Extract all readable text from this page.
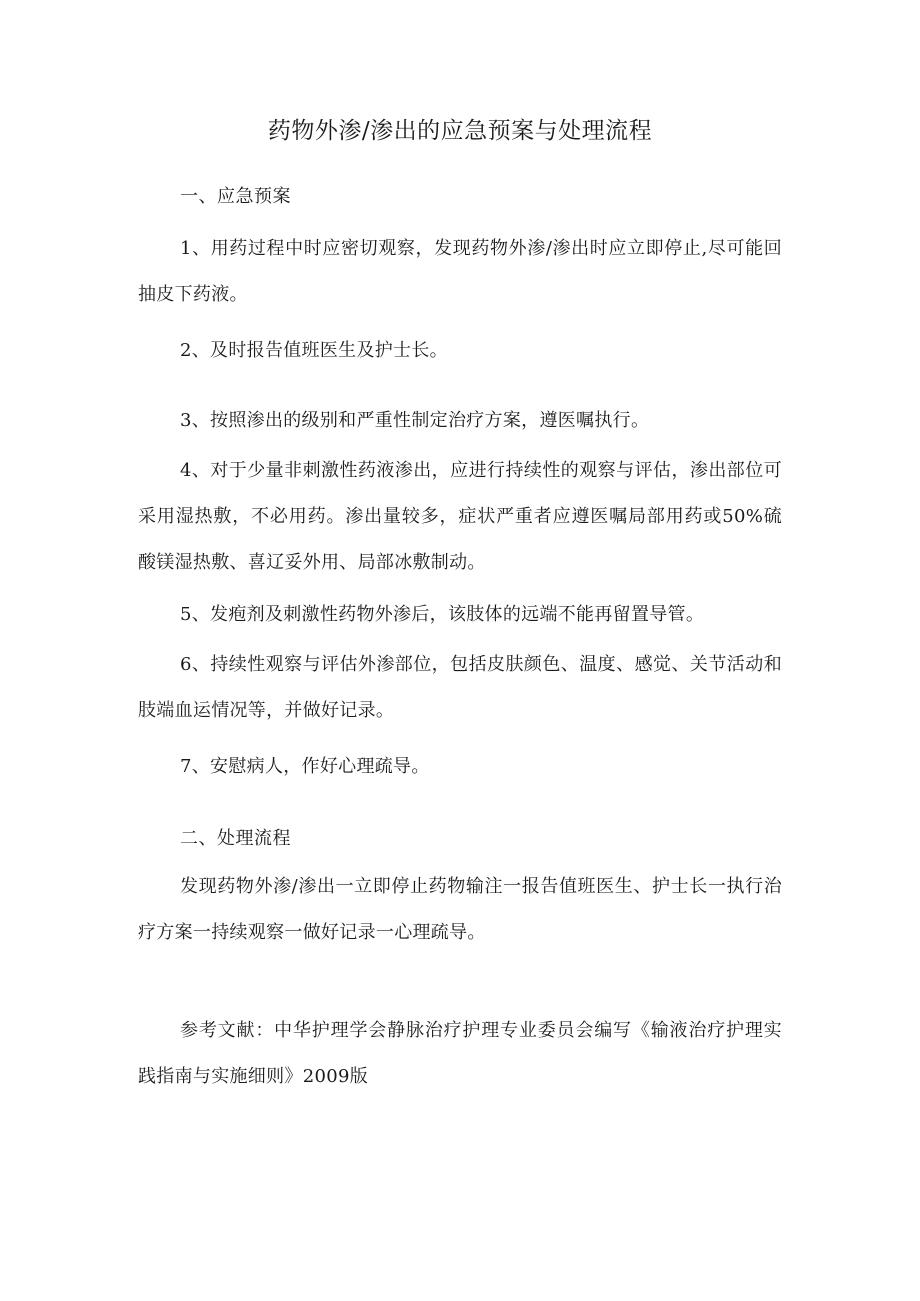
药物外渗/渗出的应急预案与处理流程
一、应急预案

1、用药过程中时应密切观察，发现药物外渗/渗出时应立即停止,尽可能回抽皮下药液。

2、及时报告值班医生及护士长。

3、按照渗出的级别和严重性制定治疗方案，遵医嘱执行。

4、对于少量非刺激性药液渗出，应进行持续性的观察与评估，渗出部位可采用湿热敷，不必用药。渗出量较多，症状严重者应遵医嘱局部用药或50%硫酸镁湿热敷、喜辽妥外用、局部冰敷制动。

5、发疱剂及刺激性药物外渗后，该肢体的远端不能再留置导管。

6、持续性观察与评估外渗部位，包括皮肤颜色、温度、感觉、关节活动和肢端血运情况等，并做好记录。

7、安慰病人，作好心理疏导。

二、处理流程

发现药物外渗/渗出一立即停止药物输注一报告值班医生、护士长一执行治疗方案一持续观察一做好记录一心理疏导。

参考文献：中华护理学会静脉治疗护理专业委员会编写《输液治疗护理实践指南与实施细则》2009版
